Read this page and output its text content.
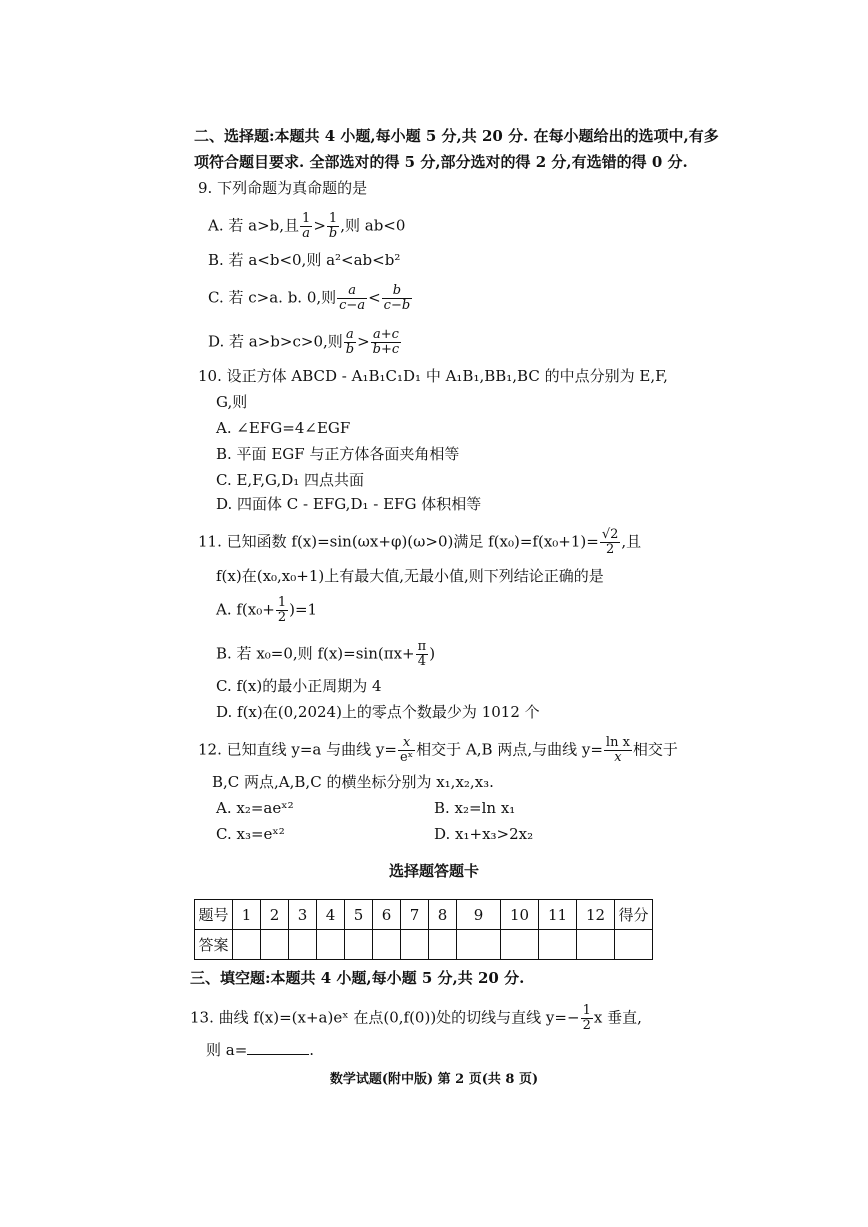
二、选择题:本题共 4 小题,每小题 5 分,共 20 分. 在每小题给出的选项中,有多
项符合题目要求. 全部选对的得 5 分,部分选对的得 2 分,有选错的得 0 分.
9. 下列命题为真命题的是
A. 若 a>b,且 $\frac{1}{a} > \frac{1}{b}$ ,则 ab<0
B. 若 a<b<0,则 a²<ab<b²
C. 若 c>a. b. 0,则 $\frac{a}{c-a} < \frac{b}{c-b}$
D. 若 a>b>c>0,则 $\frac{a}{b} > \frac{a+c}{b+c}$
10. 设正方体 ABCD - A₁B₁C₁D₁ 中 A₁B₁,BB₁,BC 的中点分别为 E,F,
G,则
A. ∠EFG=4∠EGF
B. 平面 EGF 与正方体各面夹角相等
C. E,F,G,D₁ 四点共面
D. 四面体 C - EFG,D₁ - EFG 体积相等
11. 已知函数 f(x)=sin(ωx+φ)(ω>0)满足 $f(x_0)=f(x_0+1)= \frac{√2}{2}$ ,且
f(x)在(x₀,x₀+1)上有最大值,无最小值,则下列结论正确的是
A. $f(x_0+ \frac{1}{2} )=1$
B. 若 x₀=0,则 $f(x)=\sin(\pi x+ \frac{\pi}{4}$ )
C. f(x)的最小正周期为 4
D. f(x)在(0,2024)上的零点个数最少为 1012 个
12. 已知直线 y=a 与曲线 $y= \frac{x}{\text{eˣ}}$ 相交于 A,B 两点,与曲线 $y= \frac{\text{ln x}}{x}$ 相交于
B,C 两点,A,B,C 的横坐标分别为 x₁,x₂,x₃.
A. x₂=aeˣ²	B. x₂=ln x₁
C. x₃=eˣ²	D. x₁+x₃>2x₂
选择题答题卡
题号	1	2	3	4	5	6	7	8	9	10	11	12	得分
答案													
三、填空题:本题共 4 小题,每小题 5 分,共 20 分.
13. 曲线 f(x)=(x+a)eˣ 在点(0,f(0))处的切线与直线 $y=- \frac{1}{2}$ x 垂直,
则 a=	.
数学试题(附中版) 第 2 页(共 8 页)
